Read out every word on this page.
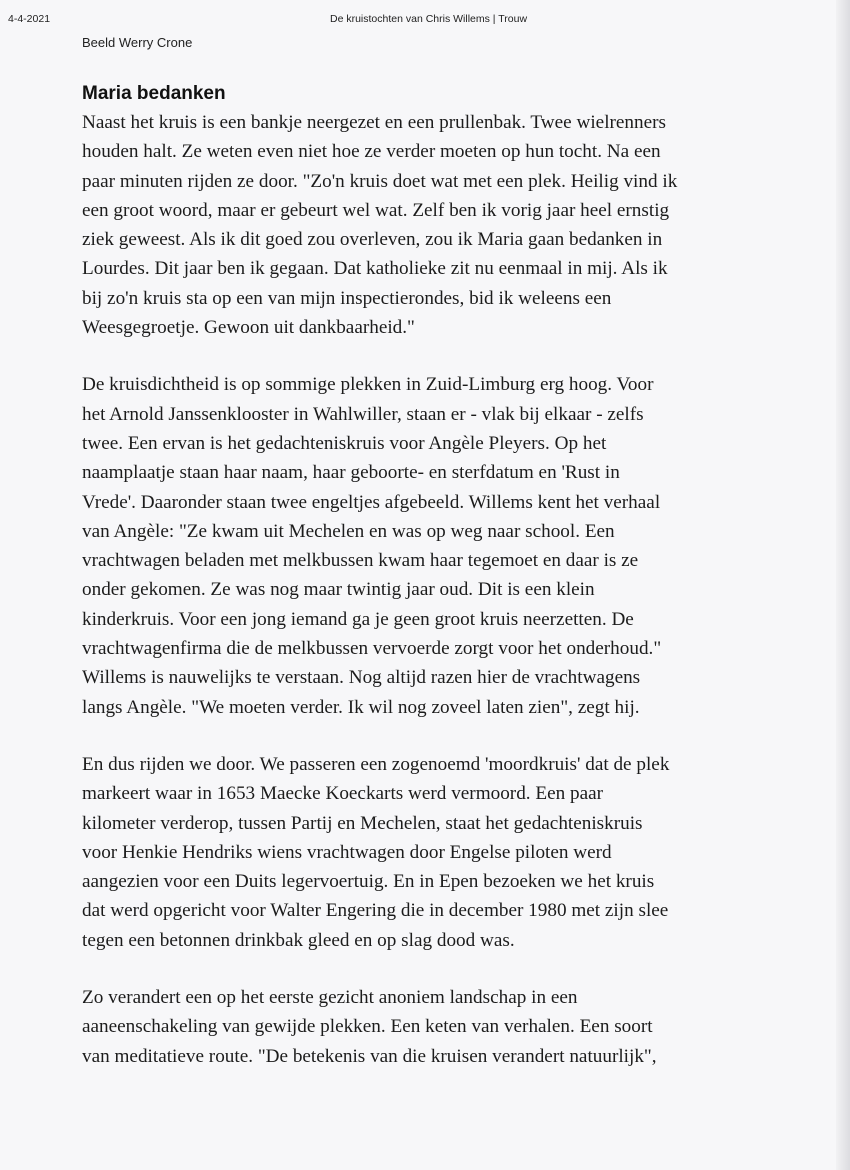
4-4-2021	De kruistochten van Chris Willems | Trouw
Beeld Werry Crone
Maria bedanken

Naast het kruis is een bankje neergezet en een prullenbak. Twee wielrenners
houden halt. Ze weten even niet hoe ze verder moeten op hun tocht. Na een
paar minuten rijden ze door. "Zo'n kruis doet wat met een plek. Heilig vind ik
een groot woord, maar er gebeurt wel wat. Zelf ben ik vorig jaar heel ernstig
ziek geweest. Als ik dit goed zou overleven, zou ik Maria gaan bedanken in
Lourdes. Dit jaar ben ik gegaan. Dat katholieke zit nu eenmaal in mij. Als ik
bij zo'n kruis sta op een van mijn inspectierondes, bid ik weleens een
Weesgegroetje. Gewoon uit dankbaarheid."

De kruisdichtheid is op sommige plekken in Zuid-Limburg erg hoog. Voor
het Arnold Janssenklooster in Wahlwiller, staan er - vlak bij elkaar - zelfs
twee. Een ervan is het gedachteniskruis voor Angèle Pleyers. Op het
naamplaatje staan haar naam, haar geboorte- en sterfdatum en 'Rust in
Vrede'. Daaronder staan twee engeltjes afgebeeld. Willems kent het verhaal
van Angèle: "Ze kwam uit Mechelen en was op weg naar school. Een
vrachtwagen beladen met melkbussen kwam haar tegemoet en daar is ze
onder gekomen. Ze was nog maar twintig jaar oud. Dit is een klein
kinderkruis. Voor een jong iemand ga je geen groot kruis neerzetten. De
vrachtwagenfirma die de melkbussen vervoerde zorgt voor het onderhoud."
Willems is nauwelijks te verstaan. Nog altijd razen hier de vrachtwagens
langs Angèle. "We moeten verder. Ik wil nog zoveel laten zien", zegt hij.

En dus rijden we door. We passeren een zogenoemd 'moordkruis' dat de plek
markeert waar in 1653 Maecke Koeckarts werd vermoord. Een paar
kilometer verderop, tussen Partij en Mechelen, staat het gedachteniskruis
voor Henkie Hendriks wiens vrachtwagen door Engelse piloten werd
aangezien voor een Duits legervoertuig. En in Epen bezoeken we het kruis
dat werd opgericht voor Walter Engering die in december 1980 met zijn slee
tegen een betonnen drinkbak gleed en op slag dood was.

Zo verandert een op het eerste gezicht anoniem landschap in een
aaneenschakeling van gewijde plekken. Een keten van verhalen. Een soort
van meditatieve route. "De betekenis van die kruisen verandert natuurlijk",
